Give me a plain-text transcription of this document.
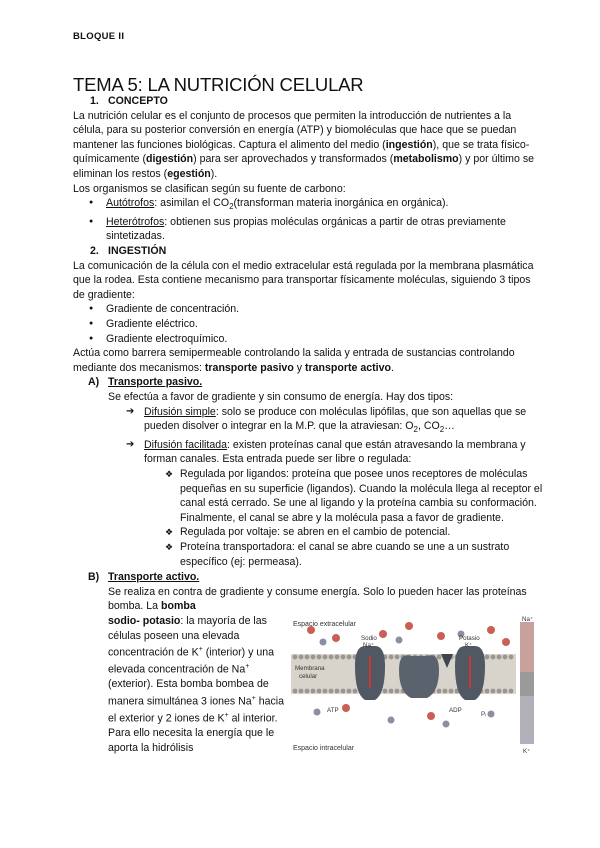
BLOQUE II
TEMA 5: LA NUTRICIÓN CELULAR

1. CONCEPTO

La nutrición celular es el conjunto de procesos que permiten la introducción de nutrientes a la célula, para su posterior conversión en energía (ATP) y biomoléculas que hace que se puedan mantener las funciones biológicas. Captura el alimento del medio (ingestión), que se trata físico-químicamente (digestión) para ser aprovechados y transformados (metabolismo) y por último se eliminan los restos (egestión).

Los organismos se clasifican según su fuente de carbono:

● Autótrofos: asimilan el $CO_2(transforman$ materia inorgánica en orgánica).
● Heterótrofos: obtienen sus propias moléculas orgánicas a partir de otras previamente sintetizadas.

2. INGESTIÓN

La comunicación de la célula con el medio extracelular está regulada por la membrana plasmática que la rodea. Esta contiene mecanismo para transportar físicamente moléculas, siguiendo 3 tipos de gradiente:

● Gradiente de concentración.
● Gradiente eléctrico.
● Gradiente electroquímico.

Actúa como barrera semipermeable controlando la salida y entrada de sustancias controlando mediante dos mecanismos: transporte pasivo y transporte activo.

A) Transporte pasivo.

Se efectúa a favor de gradiente y sin consumo de energía. Hay dos tipos:

➔ Difusión simple: solo se produce con moléculas lipófilas, que son aquellas que se pueden disolver o integrar en la M.P. que la atraviesan: $O_2$, $CO_2\dots$
➔ Difusión facilitada: existen proteínas canal que están atravesando la membrana y forman canales. Esta entrada puede ser libre o regulada:
❖ Regulada por ligandos: proteína que posee unos receptores de moléculas pequeñas en su superficie (ligandos). Cuando la molécula llega al receptor el canal está cerrado. Se une al ligando y la proteína cambia su conformación. Finalmente, el canal se abre y la molécula pasa a favor de gradiente.
❖ Regulada por voltaje: se abren en el cambio de potencial.
❖ Proteína transportadora: el canal se abre cuando se une a un sustrato específico (ej: permeasa).

B) Transporte activo.

Se realiza en contra de gradiente y consume energía. Solo lo pueden hacer las proteínas bomba. La bomba

sodio- potasio: la mayoría de las células poseen una elevada concentración de K+ (interior) y una elevada concentración de Na+ (exterior). Esta bomba bombea de manera simultánea 3 iones Na+ hacia el exterior y 2 iones de K+ al interior. Para ello necesita la energía que le aporta la hidrólisis

Espacio extracelular
Espacio intracelular
Membrana
celular
Sodio
Na⁺
Potasio
K⁺
ATP	ADP
Pᵢ
Na⁺
K⁺
